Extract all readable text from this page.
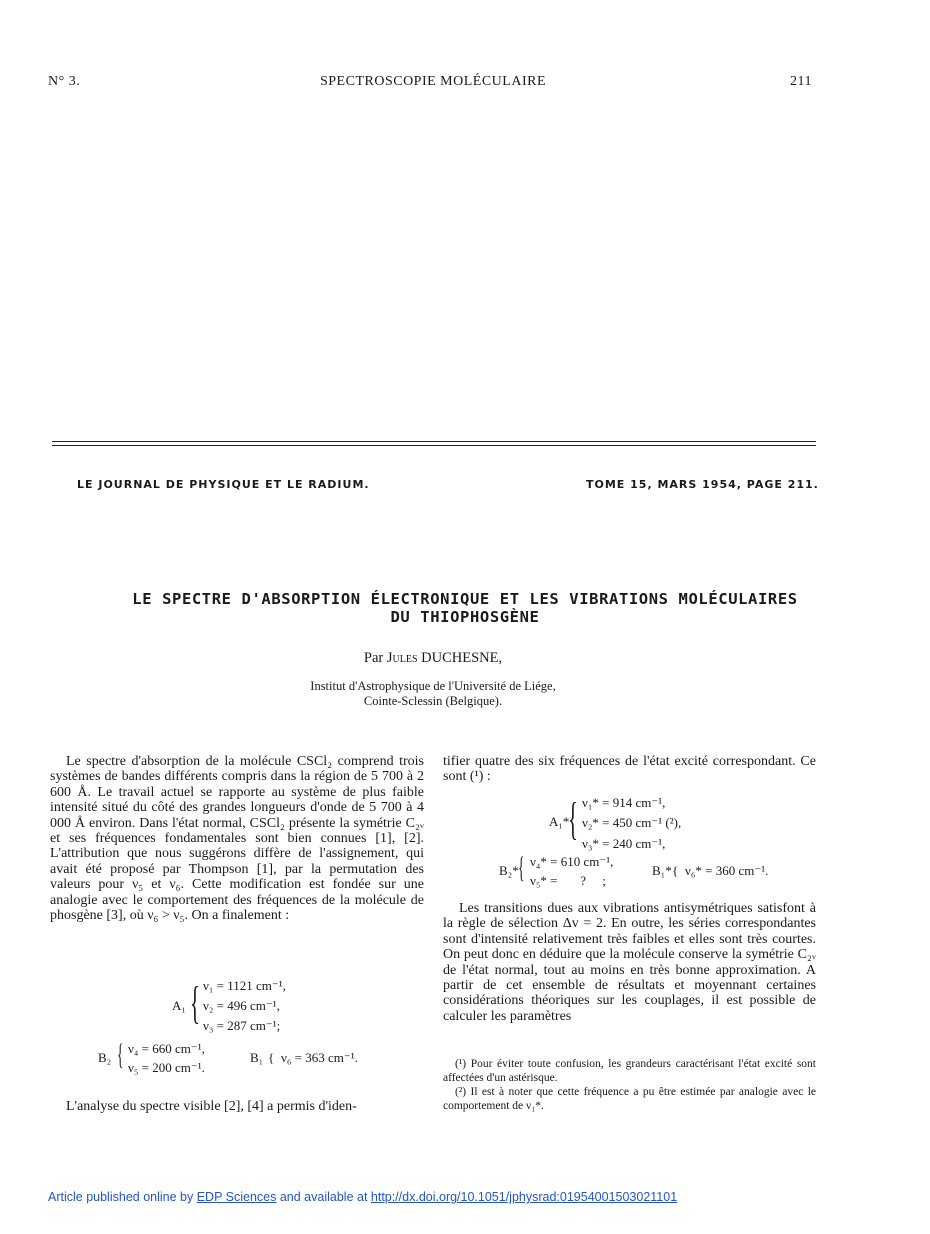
N° 3.	SPECTROSCOPIE MOLÉCULAIRE	211
LE JOURNAL DE PHYSIQUE ET LE RADIUM.	TOME 15, MARS 1954, PAGE 211.
LE SPECTRE D'ABSORPTION ÉLECTRONIQUE ET LES VIBRATIONS MOLÉCULAIRES
DU THIOPHOSGÈNE
Par Jules DUCHESNE,
Institut d'Astrophysique de l'Université de Liége,
Cointe-Sclessin (Belgique).

Le spectre d'absorption de la molécule CSCl₂ comprend trois systèmes de bandes différents compris dans la région de 5 700 à 2 600 Å. Le travail actuel se rapporte au système de plus faible intensité situé du côté des grandes longueurs d'onde de 5 700 à 4 000 Å environ. Dans l'état normal, CSCl₂ présente la symétrie C₂ᵥ et ses fréquences fondamentales sont bien connues [1], [2]. L'attribution que nous suggérons diffère de l'assignement, qui avait été proposé par Thompson [1], par la permutation des valeurs pour ν₅ et ν₆. Cette modification est fondée sur une analogie avec le comportement des fréquences de la molécule de phosgène [3], où ν₆ > ν₅. On a finalement :

A₁ { ν₁ = 1121 cm⁻¹,
ν₂ = 496 cm⁻¹,
ν₃ = 287 cm⁻¹;
B₂ { ν₄ = 660 cm⁻¹,
ν₅ = 200 cm⁻¹.
B₁ { ν₆ = 363 cm⁻¹.

L'analyse du spectre visible [2], [4] a permis d'iden-

tifier quatre des six fréquences de l'état excité correspondant. Ce sont (¹) :

A₁*
{ ν₁* = 914 cm⁻¹,
ν₂* = 450 cm⁻¹ (²),
ν₃* = 240 cm⁻¹,
B₂* { ν₄* = 610 cm⁻¹,
ν₅* =       ?     ;
B₁* { ν₆* = 360 cm⁻¹.

Les transitions dues aux vibrations antisymétriques satisfont à la règle de sélection Δv = 2. En outre, les séries correspondantes sont d'intensité relativement très faibles et elles sont très courtes. On peut donc en déduire que la molécule conserve la symétrie C₂ᵥ de l'état normal, tout au moins en très bonne approximation. A partir de cet ensemble de résultats et moyennant certaines considérations théoriques sur les couplages, il est possible de calculer les paramètres

(¹) Pour éviter toute confusion, les grandeurs caractérisant l'état excité sont affectées d'un astérisque.
(²) Il est à noter que cette fréquence a pu être estimée par analogie avec le comportement de ν₁*.
Article published online by EDP Sciences and available at http://dx.doi.org/10.1051/jphysrad:01954001503021101
